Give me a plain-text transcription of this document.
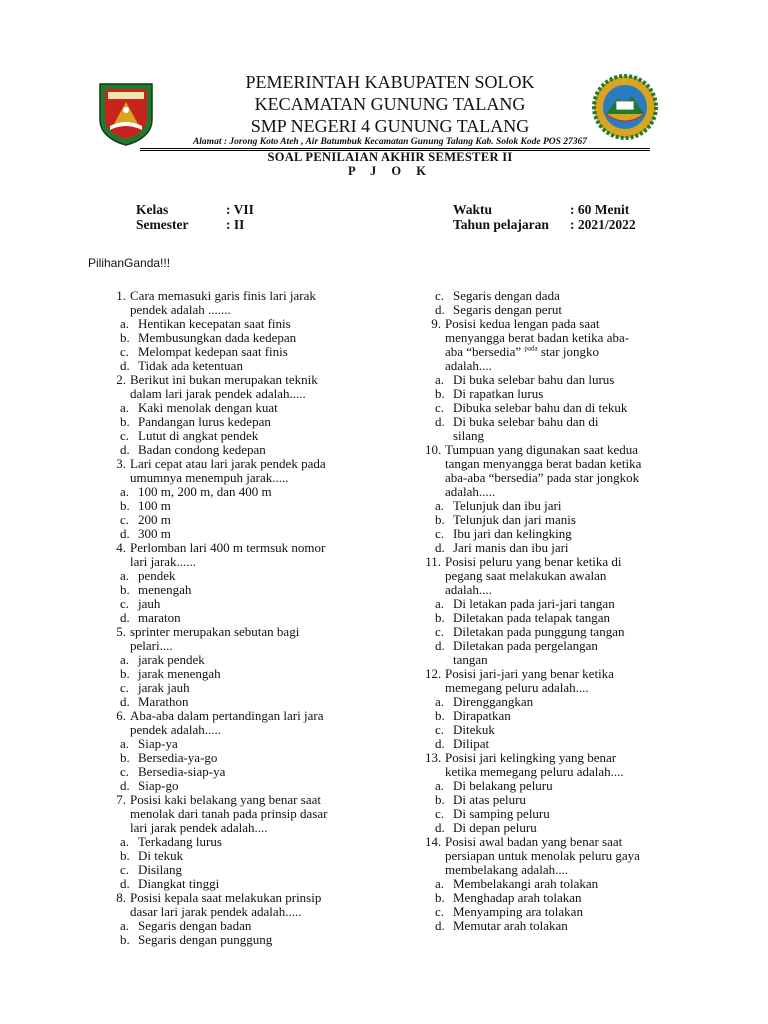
PEMERINTAH KABUPATEN SOLOK
KECAMATAN GUNUNG TALANG
SMP NEGERI 4 GUNUNG TALANG
Alamat : Jorong Koto Ateh , Air Batumbuk Kecamatan Gunung Talang Kab. Solok Kode POS 27367
SOAL PENILAIAN AKHIR SEMESTER II
P J O K
Kelas	: VII
Semester	: II
Waktu	: 60 Menit
Tahun pelajaran : 2021/2022
PilihanGanda!!!
1. Cara memasuki garis finis lari jarak
pendek adalah .......
a. Hentikan kecepatan saat finis
b. Membusungkan dada kedepan
c. Melompat kedepan saat finis
d. Tidak ada ketentuan
2. Berikut ini bukan merupakan teknik
dalam lari jarak pendek adalah.....
a. Kaki menolak dengan kuat
b. Pandangan lurus kedepan
c. Lutut di angkat pendek
d. Badan condong kedepan
3. Lari cepat atau lari jarak pendek pada
umumnya menempuh jarak.....
a. 100 m, 200 m, dan 400 m
b. 100 m
c. 200 m
d. 300 m
4. Perlomban lari 400 m termsuk nomor
lari jarak......
a. pendek
b. menengah
c. jauh
d. maraton
5. sprinter merupakan sebutan bagi
pelari....
a. jarak pendek
b. jarak menengah
c. jarak jauh
d. Marathon
6. Aba-aba dalam pertandingan lari jara
pendek adalah.....
a. Siap-ya
b. Bersedia-ya-go
c. Bersedia-siap-ya
d. Siap-go
7. Posisi kaki belakang yang benar saat
menolak dari tanah pada prinsip dasar
lari jarak pendek adalah....
a. Terkadang lurus
b. Di tekuk
c. Disilang
d. Diangkat tinggi
8. Posisi kepala saat melakukan prinsip
dasar lari jarak pendek adalah.....
a. Segaris dengan badan
b. Segaris dengan punggung
c. Segaris dengan dada
d. Segaris dengan perut
9. Posisi kedua lengan pada saat
menyangga berat badan ketika aba-
aba “bersedia” $^{pada}$ star jongko
adalah....
a. Di buka selebar bahu dan lurus
b. Di rapatkan lurus
c. Dibuka selebar bahu dan di tekuk
d. Di buka selebar bahu dan di
silang
10. Tumpuan yang digunakan saat kedua
tangan menyangga berat badan ketika
aba-aba “bersedia” pada star jongkok
adalah.....
a. Telunjuk dan ibu jari
b. Telunjuk dan jari manis
c. Ibu jari dan kelingking
d. Jari manis dan ibu jari
11. Posisi peluru yang benar ketika di
pegang saat melakukan awalan
adalah....
a. Di letakan pada jari-jari tangan
b. Diletakan pada telapak tangan
c. Diletakan pada punggung tangan
d. Diletakan pada pergelangan
tangan
12. Posisi jari-jari yang benar ketika
memegang peluru adalah....
a. Direnggangkan
b. Dirapatkan
c. Ditekuk
d. Dilipat
13. Posisi jari kelingking yang benar
ketika memegang peluru adalah....
a. Di belakang peluru
b. Di atas peluru
c. Di samping peluru
d. Di depan peluru
14. Posisi awal badan yang benar saat
persiapan untuk menolak peluru gaya
membelakang adalah....
a. Membelakangi arah tolakan
b. Menghadap arah tolakan
c. Menyamping ara tolakan
d. Memutar arah tolakan
